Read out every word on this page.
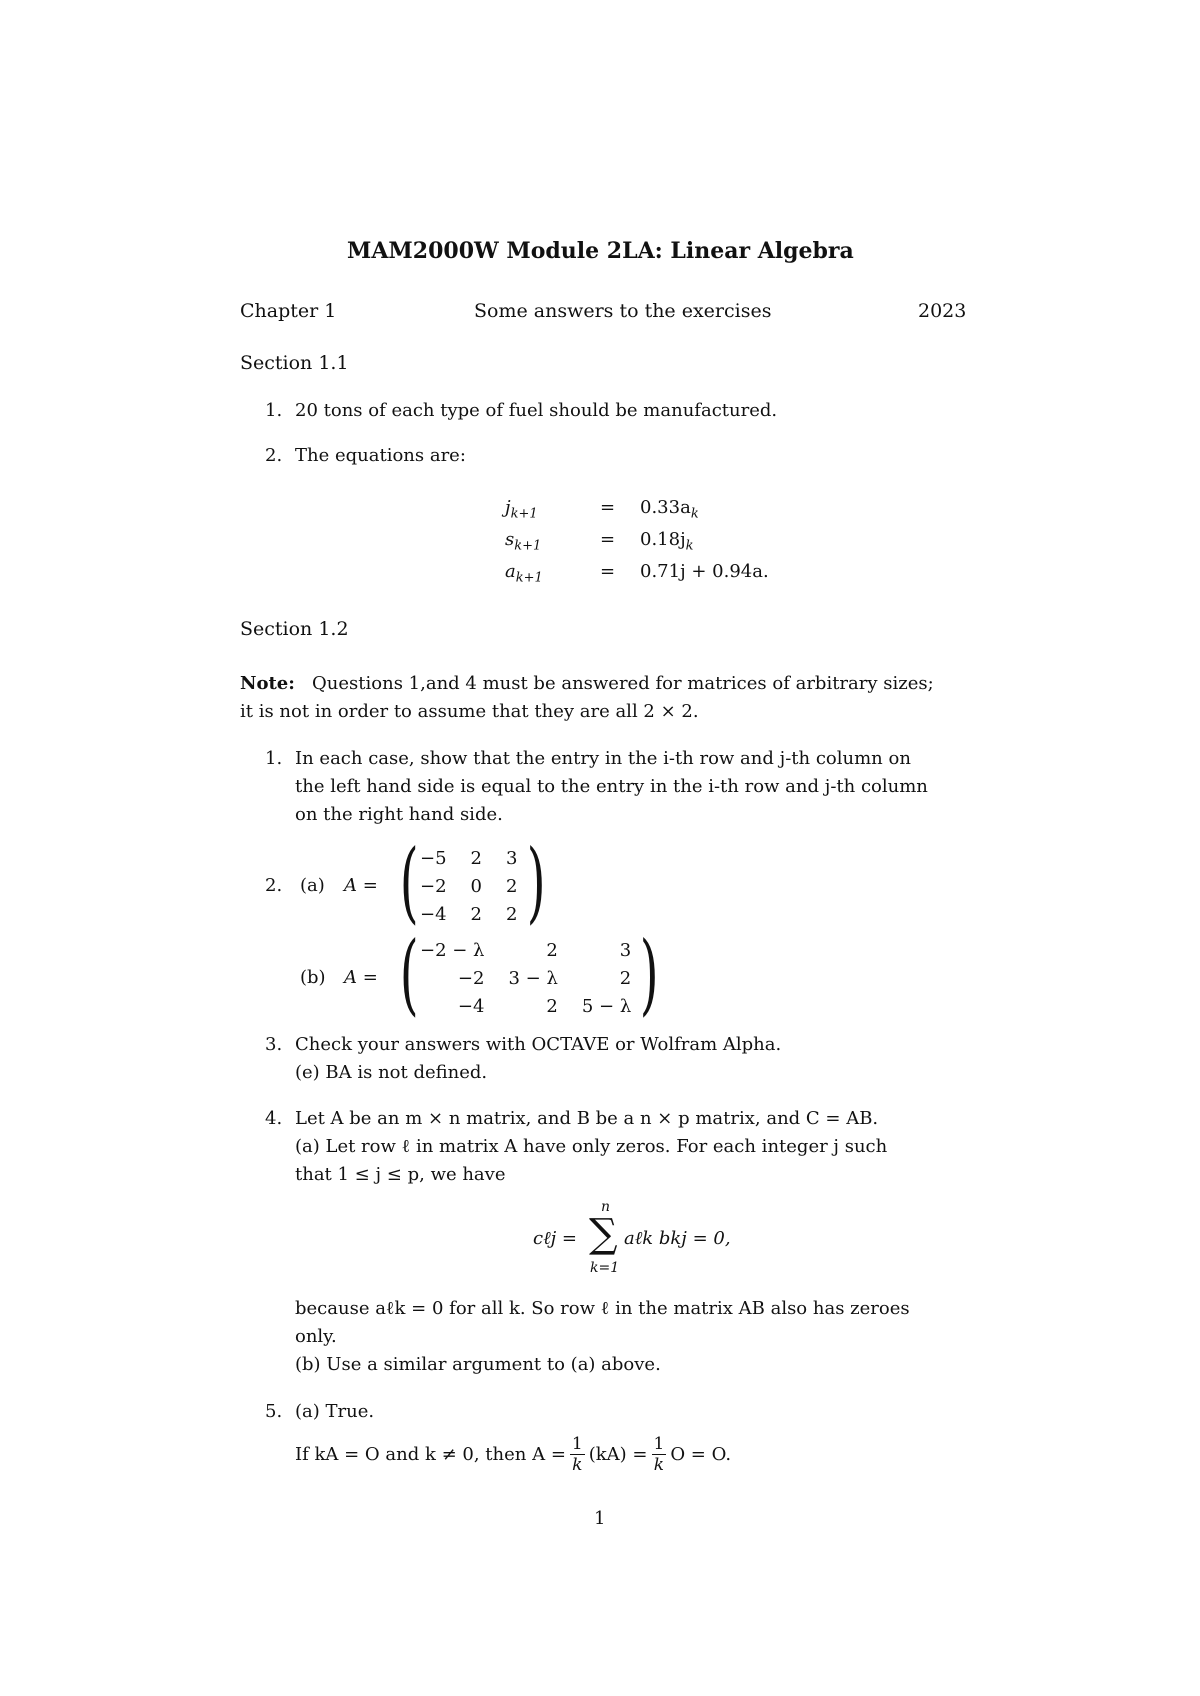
MAM2000W Module 2LA: Linear Algebra
Chapter 1	Some answers to the exercises	2023
Section 1.1
1. 20 tons of each type of fuel should be manufactured.
2. The equations are:
$j_{k+1}$	= $0.33a_k$
$s_{k+1}$	= $0.18j_k$
$a_{k+1}$	= 0.71j + 0.94a.
Section 1.2
Note: Questions 1,and 4 must be answered for matrices of arbitrary sizes;
it is not in order to assume that they are all 2 × 2.
1. In each case, show that the entry in the i-th row and j-th column on
the left hand side is equal to the entry in the i-th row and j-th column
on the right hand side.
2. (a) A = ( −5	2	3
−2	0	2
−4	2	2 )
(b) A = ( −2 − λ	2	3
−2	3 − λ	2
−4	2	5 − λ )
3. Check your answers with OCTAVE or Wolfram Alpha.
(e) BA is not defined.
4. Let A be an m × n matrix, and B be a n × p matrix, and C = AB.
(a) Let row ℓ in matrix A have only zeros. For each integer j such
that 1 ≤ j ≤ p, we have
cℓj =
n
∑
k=1
aℓk bkj = 0,
because aℓk = 0 for all k. So row ℓ in the matrix AB also has zeroes
only.
(b) Use a similar argument to (a) above.
5. (a) True.
If kA = O and k ≠ 0, then $A = \frac{1}{k} (kA) = \frac{1}{k}$ O = O.
1
